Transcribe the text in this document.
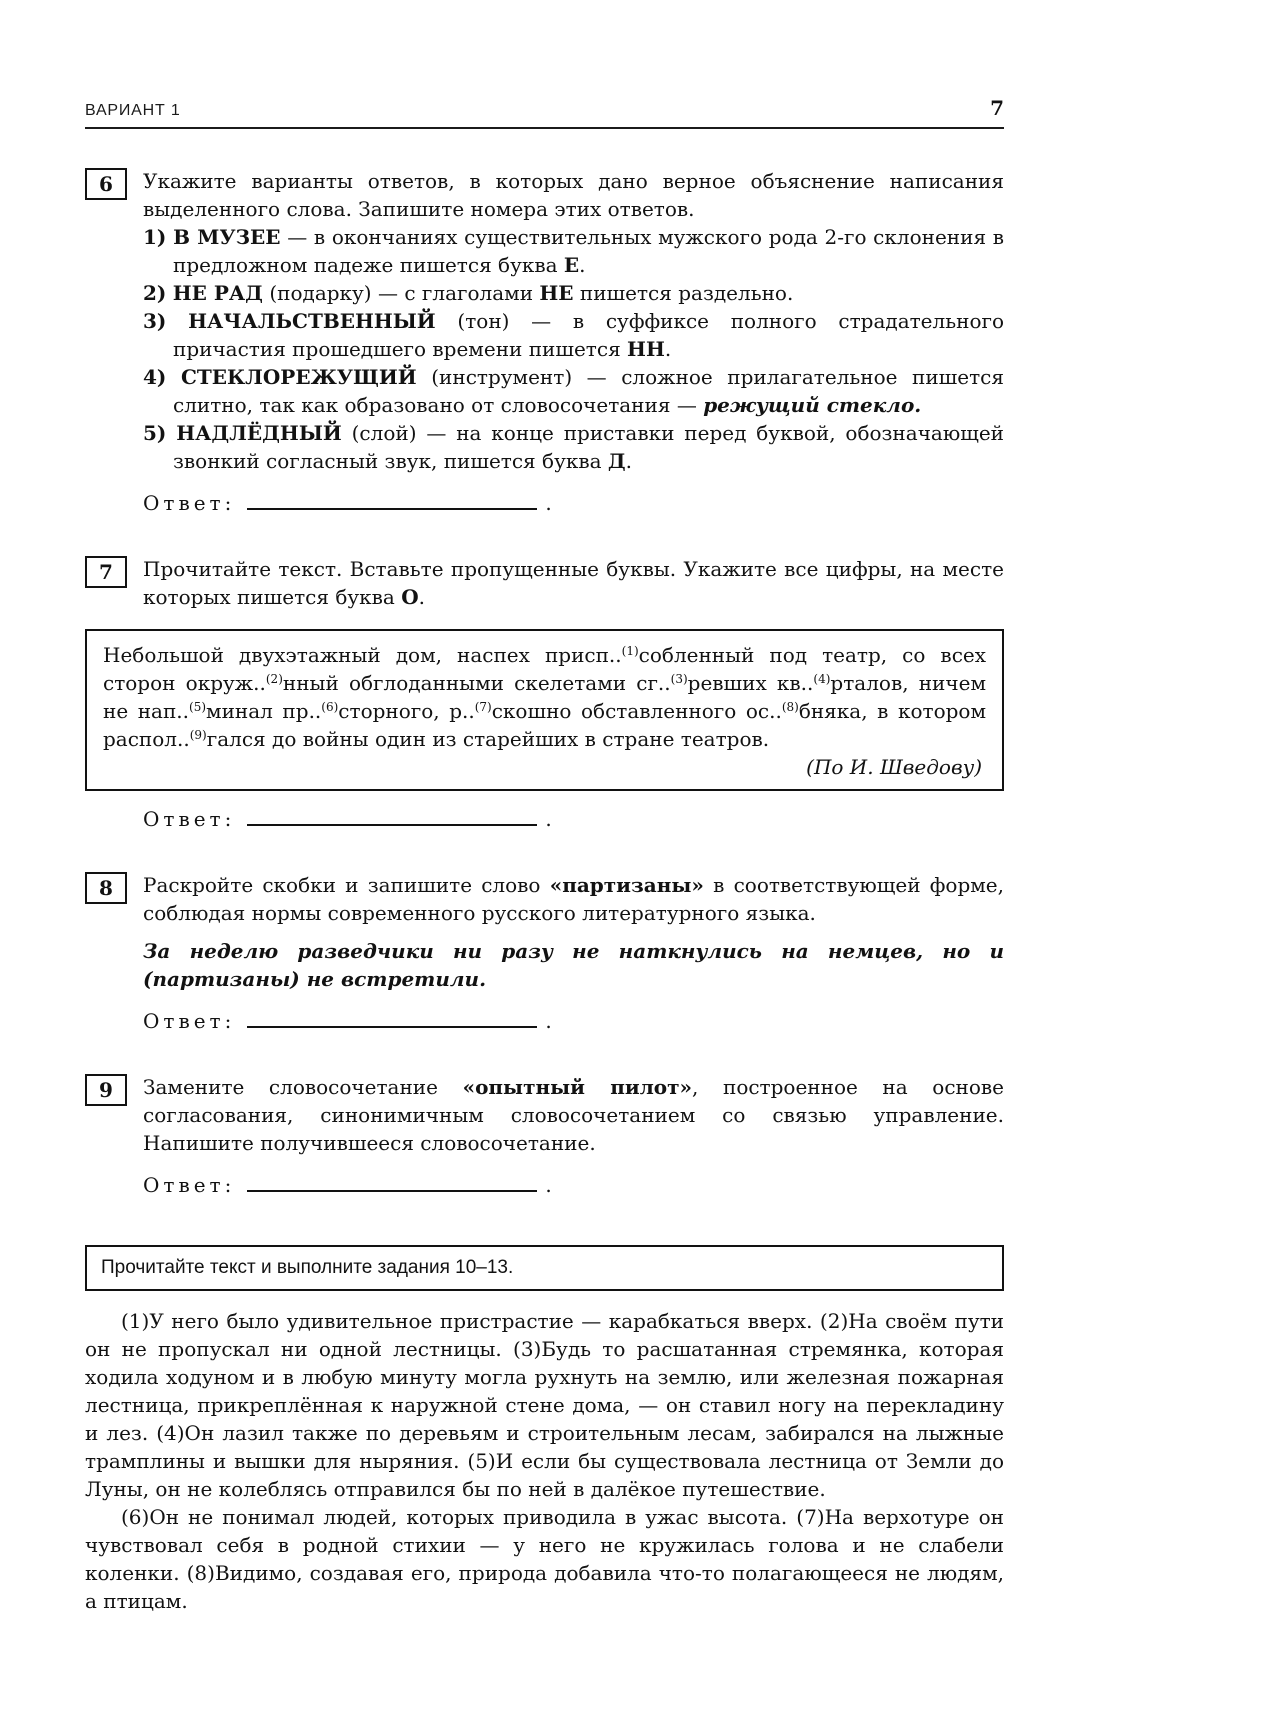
ВАРИАНТ 1	7
6	Укажите варианты ответов, в которых дано верное объяснение написания выделенного слова. Запишите номера этих ответов.

1) В МУЗЕЕ — в окончаниях существительных мужского рода 2-го склонения в предложном падеже пишется буква Е.

2) НЕ РАД (подарку) — с глаголами НЕ пишется раздельно.

3) НАЧАЛЬСТВЕННЫЙ (тон) — в суффиксе полного страдательного причастия прошедшего времени пишется НН.

4) СТЕКЛОРЕЖУЩИЙ (инструмент) — сложное прилагательное пишется слитно, так как образовано от словосочетания — режущий стекло.

5) НАДЛЁДНЫЙ (слой) — на конце приставки перед буквой, обозначающей звонкий согласный звук, пишется буква Д.

Ответ:	.

7	Прочитайте текст. Вставьте пропущенные буквы. Укажите все цифры, на месте которых пишется буква О.

Небольшой двухэтажный дом, наспех присп..$^{(1)}$собленный под театр, со всех сторон окруж..$^{(2)}$нный обглоданными скелетами сг..$^{(3)}$ревших кв..$^{(4)}$рталов, ничем не нап..$^{(5)}$минал пр..$^{(6)}$сторного, р..$^{(7)}$скошно обставленного ос..$^{(8)}$бняка, в котором распол..$^{(9)}$гался до войны один из старейших в стране театров.

(По И. Шведову)

Ответ:	.

8	Раскройте скобки и запишите слово «партизаны» в соответствующей форме, соблюдая нормы современного русского литературного языка.

За неделю разведчики ни разу не наткнулись на немцев, но и (партизаны) не встретили.

Ответ:	.

9	Замените словосочетание «опытный пилот», построенное на основе согласования, синонимичным словосочетанием со связью управление. Напишите получившееся словосочетание.

Ответ:	.

Прочитайте текст и выполните задания 10–13.

(1)У него было удивительное пристрастие — карабкаться вверх. (2)На своём пути он не пропускал ни одной лестницы. (3)Будь то расшатанная стремянка, которая ходила ходуном и в любую минуту могла рухнуть на землю, или железная пожарная лестница, прикреплённая к наружной стене дома, — он ставил ногу на перекладину и лез. (4)Он лазил также по деревьям и строительным лесам, забирался на лыжные трамплины и вышки для ныряния. (5)И если бы существовала лестница от Земли до Луны, он не колеблясь отправился бы по ней в далёкое путешествие.

(6)Он не понимал людей, которых приводила в ужас высота. (7)На верхотуре он чувствовал себя в родной стихии — у него не кружилась голова и не слабели коленки. (8)Видимо, создавая его, природа добавила что-то полагающееся не людям, а птицам.
